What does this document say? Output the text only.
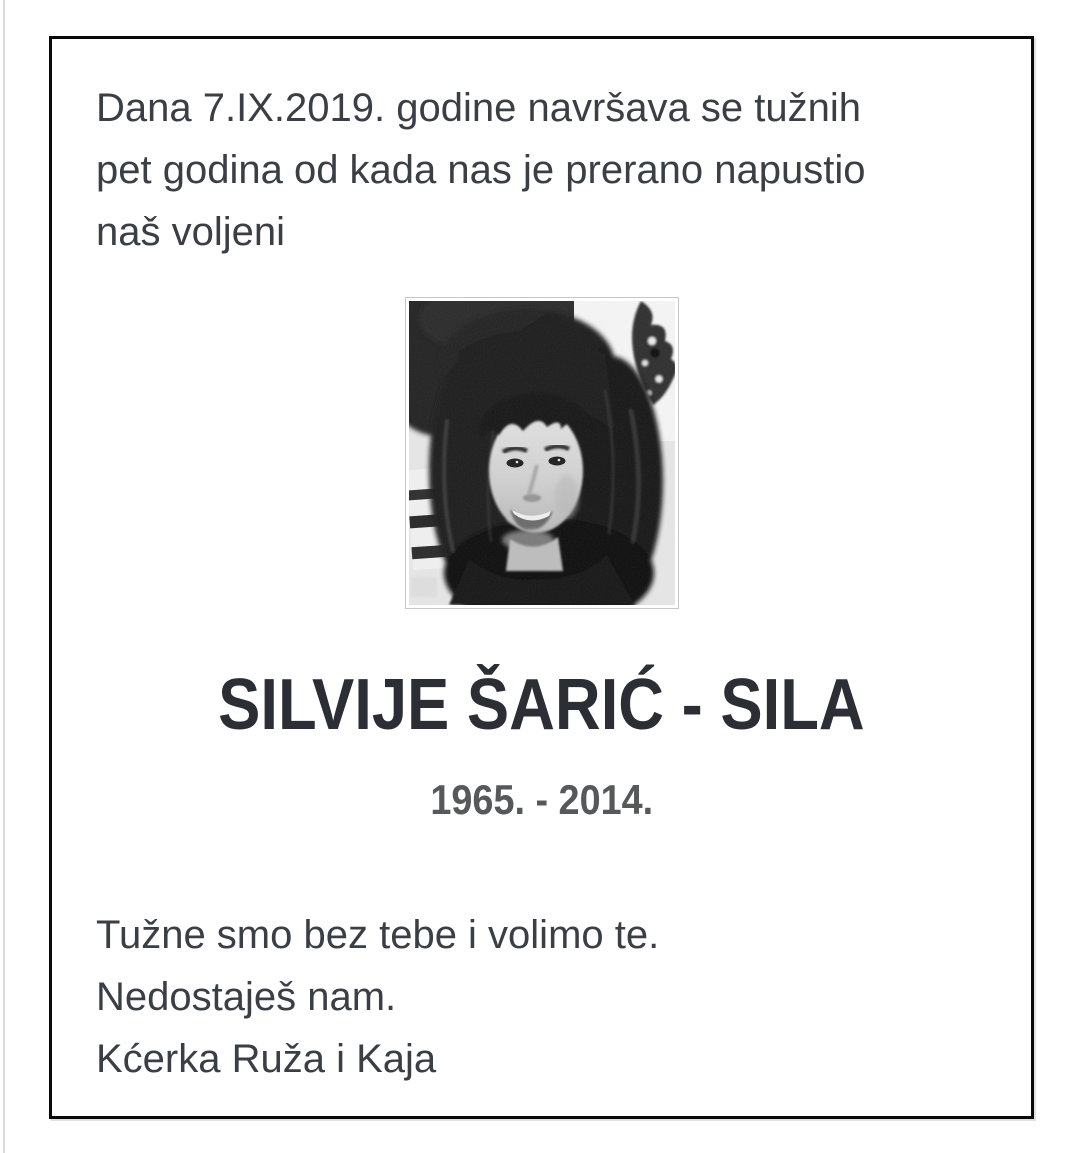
Dana 7.IX.2019. godine navršava se tužnih
pet godina od kada nas je prerano napustio
naš voljeni

SILVIJE ŠARIĆ - SILA
1965. - 2014.

Tužne smo bez tebe i volimo te.
Nedostaješ nam.
Kćerka Ruža i Kaja
